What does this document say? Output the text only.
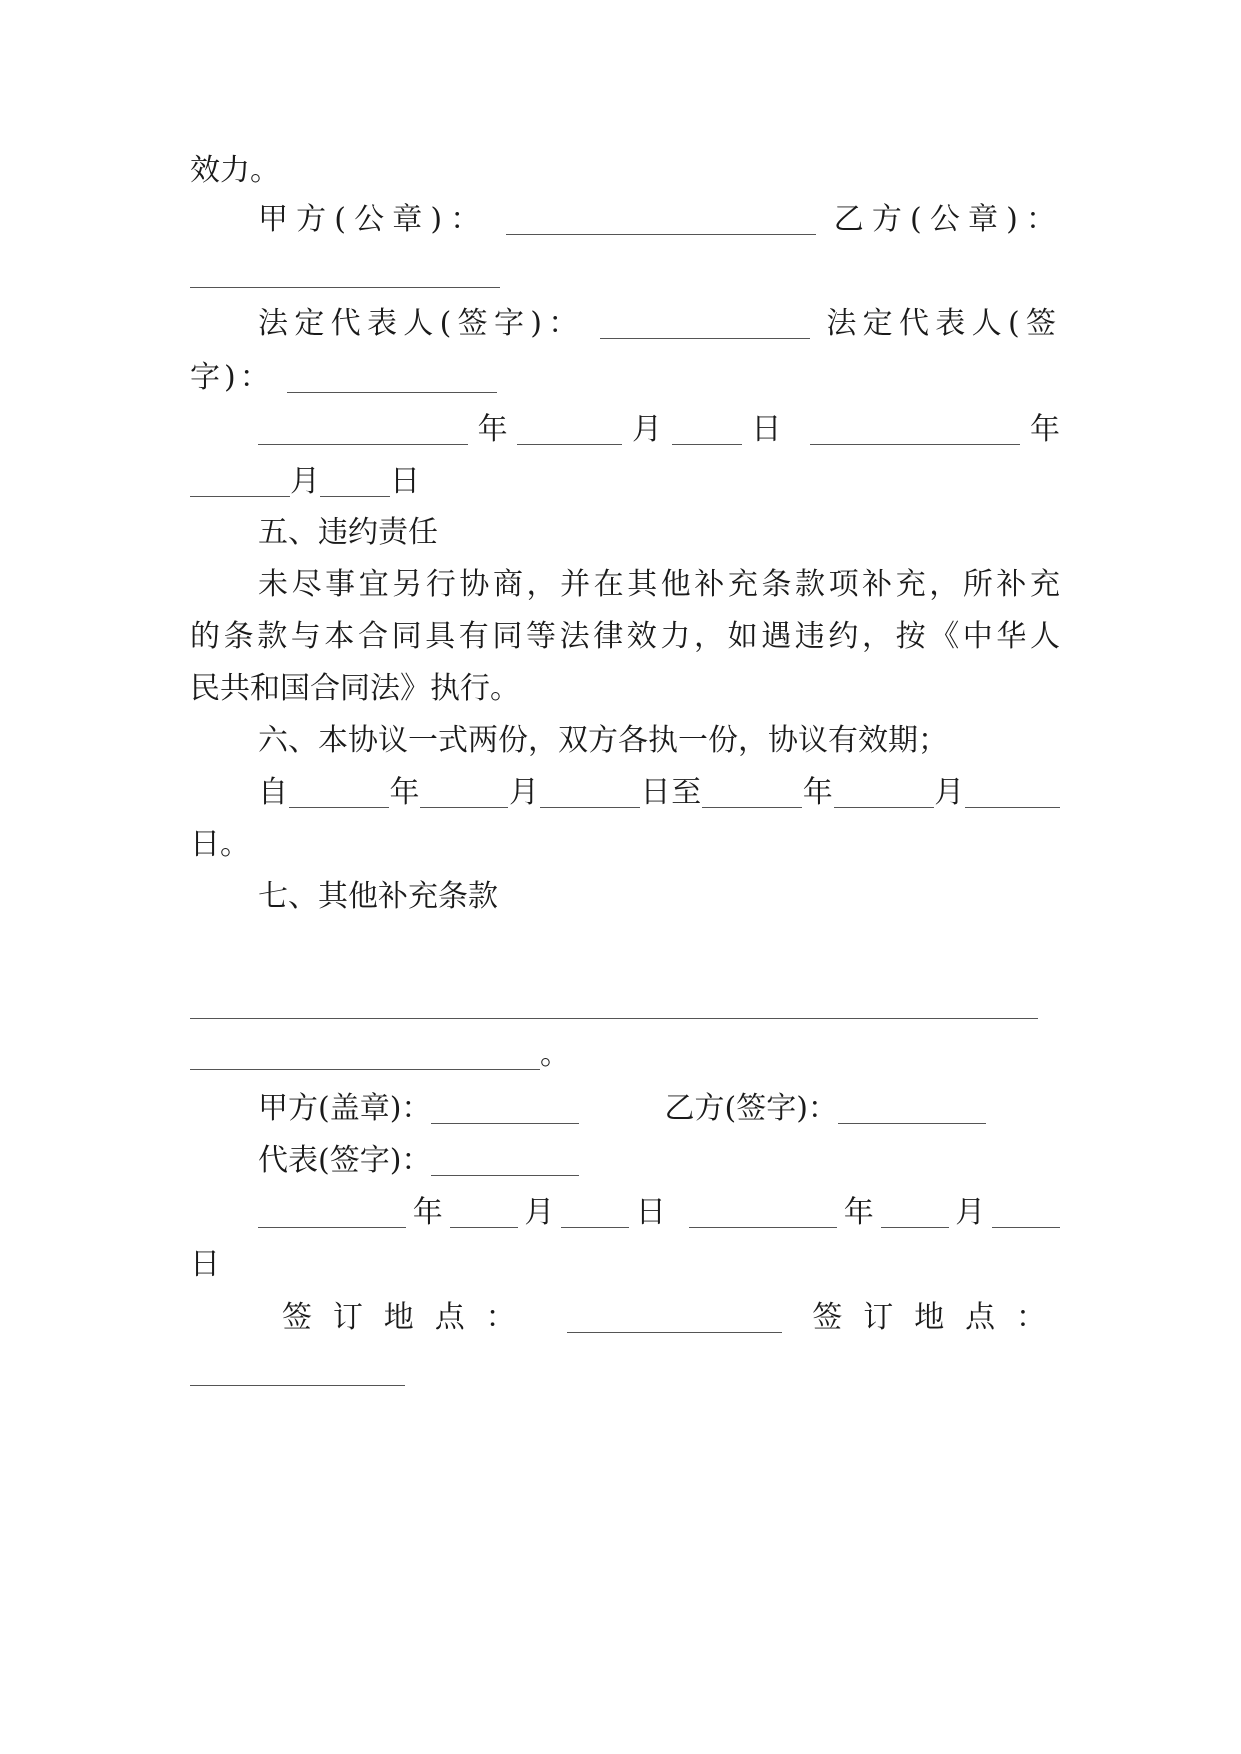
效力。
甲方(公章)：	乙方(公章)：
法定代表人(签字)：	法定代表人(签
字)：
年	月 日	年
月 日
五、违约责任
未尽事宜另行协商，并在其他补充条款项补充，所补充
的条款与本合同具有同等法律效力，如遇违约，按《中华人
民共和国合同法》执行。
六、本协议一式两份，双方各执一份，协议有效期；
自	年	月	日至	年	月
日。
七、其他补充条款
。
甲方(盖章)：	乙方(签字)：
代表(签字)：
年 月 日	年 月
日
签订地点：	签订地点：
